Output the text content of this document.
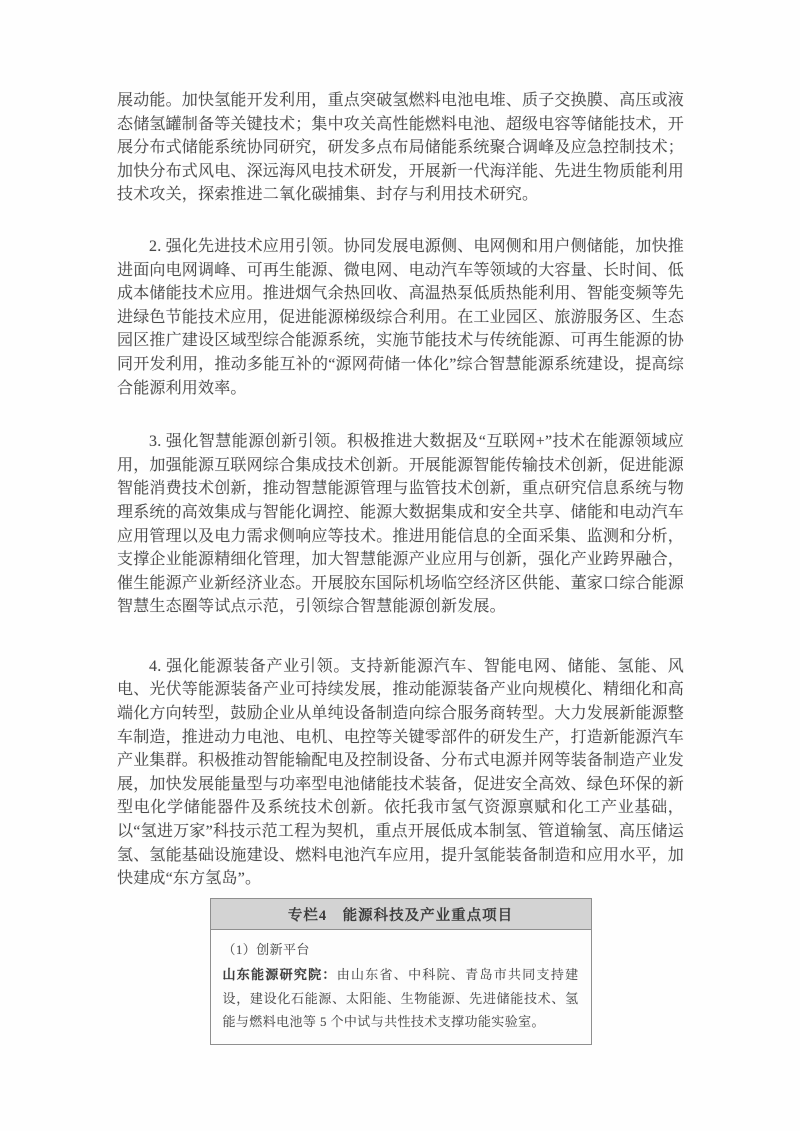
展动能。加快氢能开发利用，重点突破氢燃料电池电堆、质子交换膜、高压或液态储氢罐制备等关键技术；集中攻关高性能燃料电池、超级电容等储能技术，开展分布式储能系统协同研究，研发多点布局储能系统聚合调峰及应急控制技术；加快分布式风电、深远海风电技术研发，开展新一代海洋能、先进生物质能利用技术攻关，探索推进二氧化碳捕集、封存与利用技术研究。

2. 强化先进技术应用引领。协同发展电源侧、电网侧和用户侧储能，加快推进面向电网调峰、可再生能源、微电网、电动汽车等领域的大容量、长时间、低成本储能技术应用。推进烟气余热回收、高温热泵低质热能利用、智能变频等先进绿色节能技术应用，促进能源梯级综合利用。在工业园区、旅游服务区、生态园区推广建设区域型综合能源系统，实施节能技术与传统能源、可再生能源的协同开发利用，推动多能互补的“源网荷储一体化”综合智慧能源系统建设，提高综合能源利用效率。

3. 强化智慧能源创新引领。积极推进大数据及“互联网+”技术在能源领域应用，加强能源互联网综合集成技术创新。开展能源智能传输技术创新，促进能源智能消费技术创新，推动智慧能源管理与监管技术创新，重点研究信息系统与物理系统的高效集成与智能化调控、能源大数据集成和安全共享、储能和电动汽车应用管理以及电力需求侧响应等技术。推进用能信息的全面采集、监测和分析，支撑企业能源精细化管理，加大智慧能源产业应用与创新，强化产业跨界融合，催生能源产业新经济业态。开展胶东国际机场临空经济区供能、董家口综合能源智慧生态圈等试点示范，引领综合智慧能源创新发展。

4. 强化能源装备产业引领。支持新能源汽车、智能电网、储能、氢能、风电、光伏等能源装备产业可持续发展，推动能源装备产业向规模化、精细化和高端化方向转型，鼓励企业从单纯设备制造向综合服务商转型。大力发展新能源整车制造，推进动力电池、电机、电控等关键零部件的研发生产，打造新能源汽车产业集群。积极推动智能输配电及控制设备、分布式电源并网等装备制造产业发展，加快发展能量型与功率型电池储能技术装备，促进安全高效、绿色环保的新型电化学储能器件及系统技术创新。依托我市氢气资源禀赋和化工产业基础，以“氢进万家”科技示范工程为契机，重点开展低成本制氢、管道输氢、高压储运氢、氢能基础设施建设、燃料电池汽车应用，提升氢能装备制造和应用水平，加快建成“东方氢岛”。

专栏4　能源科技及产业重点项目

（1）创新平台

山东能源研究院：由山东省、中科院、青岛市共同支持建设，建设化石能源、太阳能、生物能源、先进储能技术、氢能与燃料电池等 5 个中试与共性技术支撑功能实验室。
